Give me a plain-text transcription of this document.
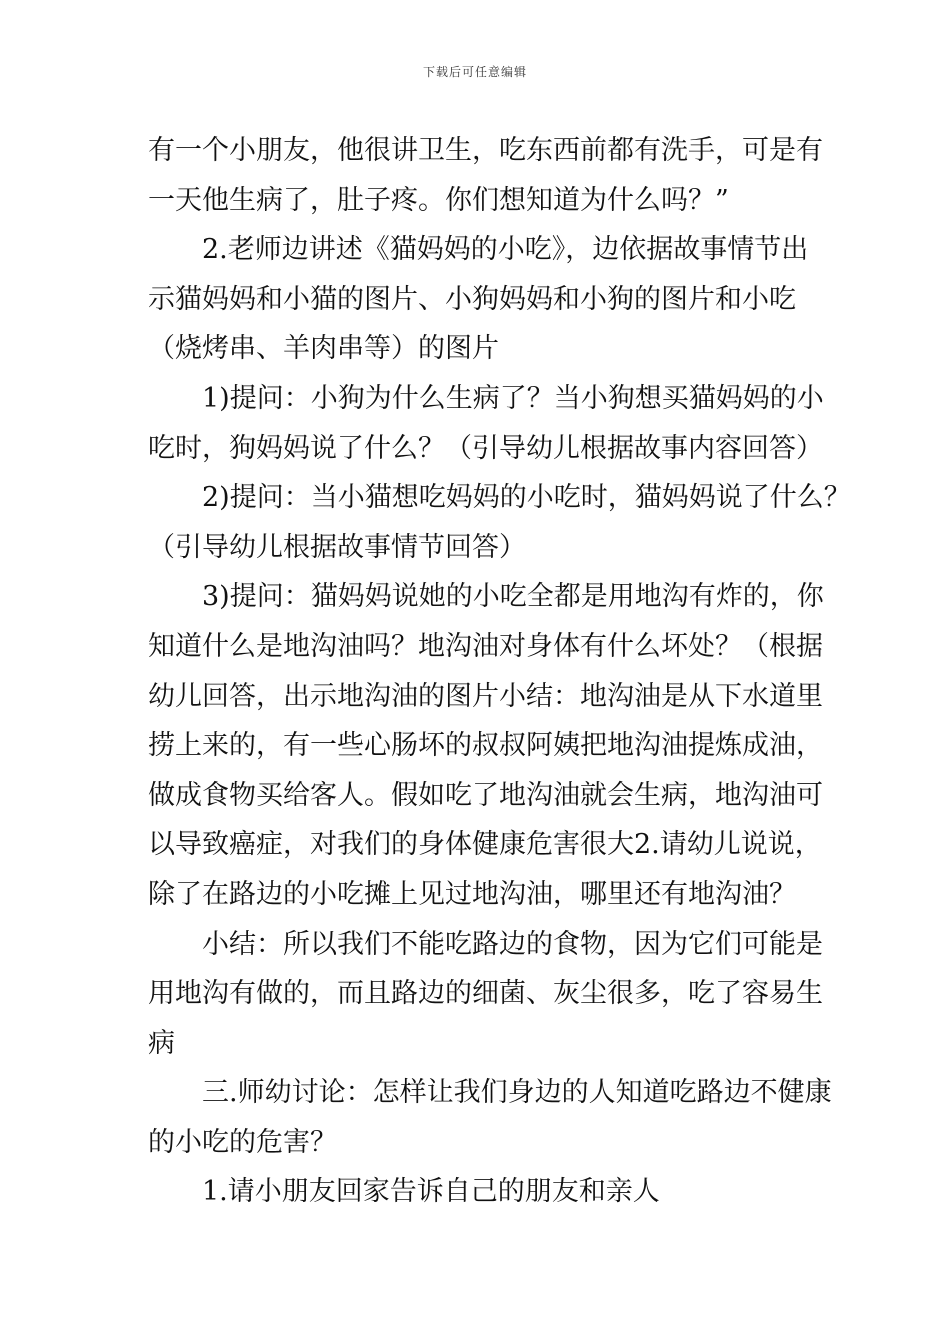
下载后可任意编辑
有一个小朋友，他很讲卫生，吃东西前都有洗手，可是有
一天他生病了，肚子疼。你们想知道为什么吗？”
2.老师边讲述《猫妈妈的小吃》，边依据故事情节出
示猫妈妈和小猫的图片、小狗妈妈和小狗的图片和小吃
（烧烤串、羊肉串等）的图片
1)提问：小狗为什么生病了？当小狗想买猫妈妈的小
吃时，狗妈妈说了什么？（引导幼儿根据故事内容回答）
2)提问：当小猫想吃妈妈的小吃时，猫妈妈说了什么？
（引导幼儿根据故事情节回答）
3)提问：猫妈妈说她的小吃全都是用地沟有炸的，你
知道什么是地沟油吗？地沟油对身体有什么坏处？（根据
幼儿回答，出示地沟油的图片小结：地沟油是从下水道里
捞上来的，有一些心肠坏的叔叔阿姨把地沟油提炼成油，
做成食物买给客人。假如吃了地沟油就会生病，地沟油可
以导致癌症，对我们的身体健康危害很大2.请幼儿说说，
除了在路边的小吃摊上见过地沟油，哪里还有地沟油？
小结：所以我们不能吃路边的食物，因为它们可能是
用地沟有做的，而且路边的细菌、灰尘很多，吃了容易生
病
三.师幼讨论：怎样让我们身边的人知道吃路边不健康
的小吃的危害？
1.请小朋友回家告诉自己的朋友和亲人
